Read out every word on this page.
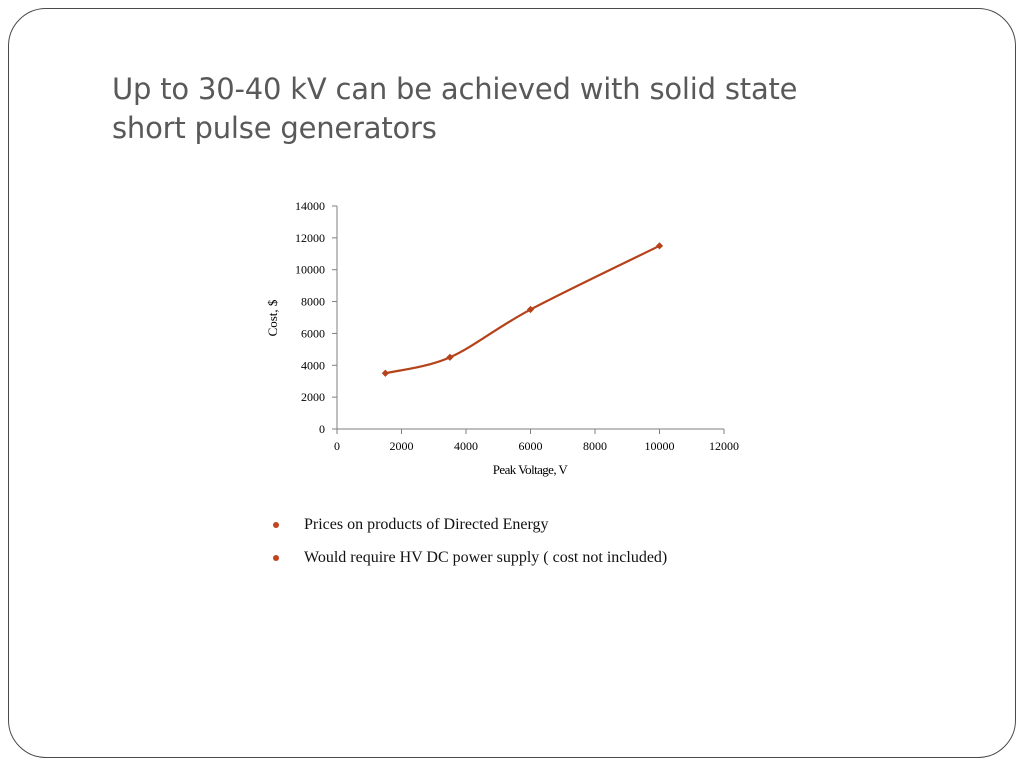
Up to 30-40 kV can be achieved with solid state
short pulse generators
0
2000
4000
6000
8000
10000
12000
14000
0	2000	4000	6000	8000	10000	12000
Peak Voltage, V
Cost, $
Prices on products of Directed Energy
Would require HV DC power supply ( cost not included)
